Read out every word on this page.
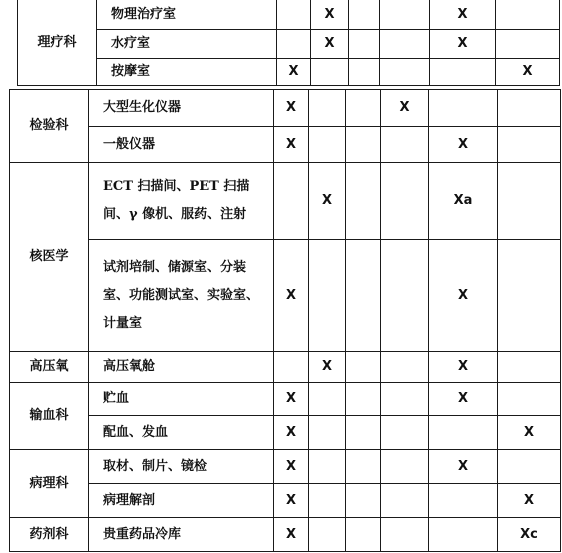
理疗科	物理治疗室		X			X	
	水疗室		X			X	
	按摩室	X					X
检验科	大型生化仪器	X			X		
	一般仪器	X				X	
核医学	ECT 扫描间、PET 扫描间、γ 像机、服药、注射		X			Xa	
	试剂培制、储源室、分装室、功能测试室、实验室、计量室	X				X	
高压氧	高压氧舱		X			X	
输血科	贮血	X				X	
	配血、发血	X					X
病理科	取材、制片、镜检	X				X	
	病理解剖	X					X
药剂科	贵重药品冷库	X					Xc
